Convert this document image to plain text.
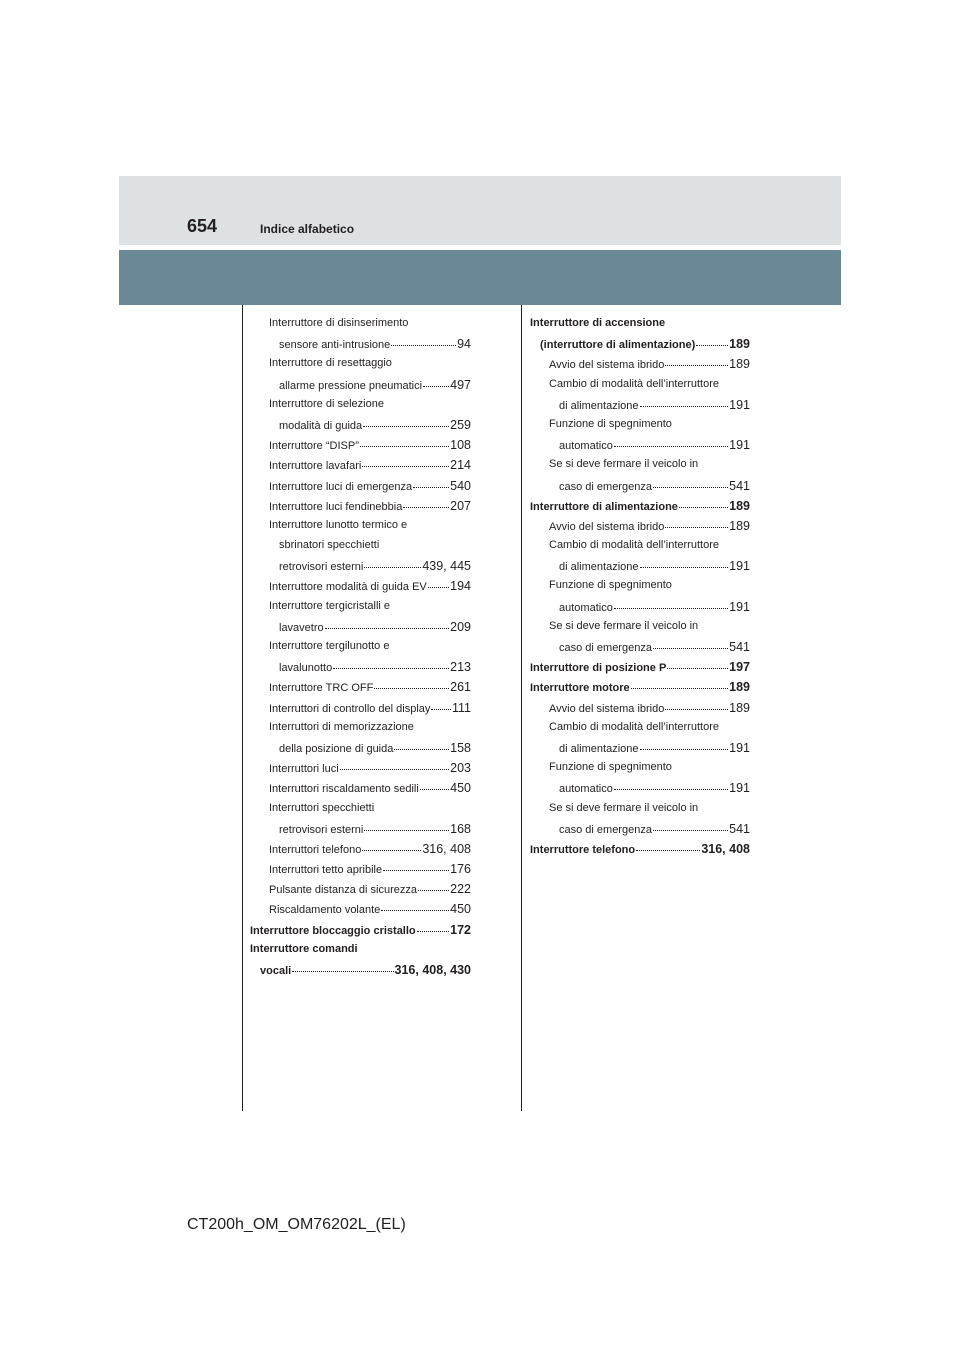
654	Indice alfabetico
Interruttore di disinserimento
sensore anti-intrusione	94
Interruttore di resettaggio
allarme pressione pneumatici 497
Interruttore di selezione
modalità di guida	259
Interruttore “DISP”	108
Interruttore lavafari	214
Interruttore luci di emergenza	540
Interruttore luci fendinebbia	207
Interruttore lunotto termico e
sbrinatori specchietti
retrovisori esterni	439, 445
Interruttore modalità di guida EV 194
Interruttore tergicristalli e
lavavetro	209
Interruttore tergilunotto e
lavalunotto	213
Interruttore TRC OFF	261
Interruttori di controllo del display 111
Interruttori di memorizzazione
della posizione di guida	158
Interruttori luci	203
Interruttori riscaldamento sedili	450
Interruttori specchietti
retrovisori esterni	168
Interruttori telefono	316, 408
Interruttori tetto apribile	176
Pulsante distanza di sicurezza	222
Riscaldamento volante	450
Interruttore bloccaggio cristallo	172
Interruttore comandi
vocali	316, 408, 430
Interruttore di accensione
(interruttore di alimentazione)	189
Avvio del sistema ibrido	189
Cambio di modalità dell’interruttore
di alimentazione	191
Funzione di spegnimento
automatico	191
Se si deve fermare il veicolo in
caso di emergenza	541
Interruttore di alimentazione	189
Avvio del sistema ibrido	189
Cambio di modalità dell’interruttore
di alimentazione	191
Funzione di spegnimento
automatico	191
Se si deve fermare il veicolo in
caso di emergenza	541
Interruttore di posizione P	197
Interruttore motore	189
Avvio del sistema ibrido	189
Cambio di modalità dell’interruttore
di alimentazione	191
Funzione di spegnimento
automatico	191
Se si deve fermare il veicolo in
caso di emergenza	541
Interruttore telefono	316, 408
CT200h_OM_OM76202L_(EL)
